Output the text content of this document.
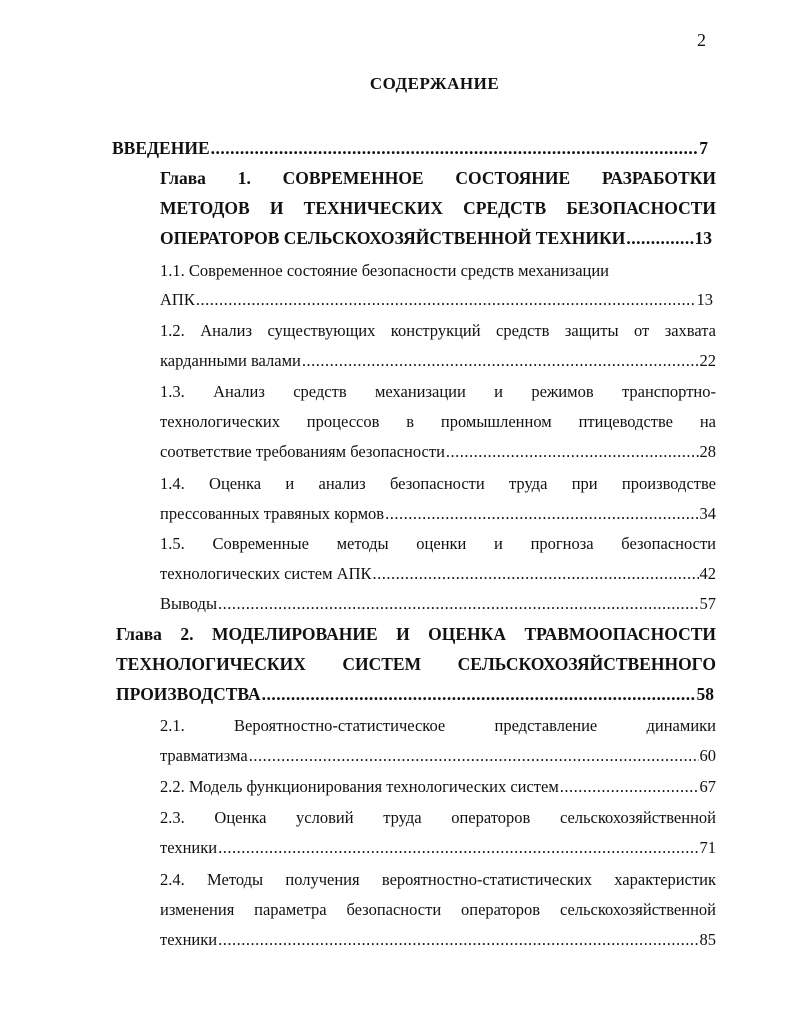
2
СОДЕРЖАНИЕ
ВВЕДЕНИЕ .....	7
Глава 1. СОВРЕМЕННОЕ СОСТОЯНИЕ РАЗРАБОТКИ
МЕТОДОВ И ТЕХНИЧЕСКИХ СРЕДСТВ БЕЗОПАСНОСТИ
ОПЕРАТОРОВ СЕЛЬСКОХОЗЯЙСТВЕННОЙ ТЕХНИКИ .....	13
1.1. Современное состояние безопасности средств механизации
АПК .....	13
1.2. Анализ существующих конструкций средств защиты от захвата
карданными валами .....	22
1.3. Анализ средств механизации и режимов транспортно-
технологических процессов в промышленном птицеводстве на
соответствие требованиям безопасности .....	28
1.4. Оценка и анализ безопасности труда при производстве
прессованных травяных кормов .....	34
1.5. Современные методы оценки и прогноза безопасности
технологических систем АПК .....	42
Выводы .....	57
Глава 2. МОДЕЛИРОВАНИЕ И ОЦЕНКА ТРАВМООПАСНОСТИ
ТЕХНОЛОГИЧЕСКИХ СИСТЕМ СЕЛЬСКОХОЗЯЙСТВЕННОГО
ПРОИЗВОДСТВА .....	58
2.1. Вероятностно-статистическое представление динамики
травматизма .....	60
2.2. Модель функционирования технологических систем .....	67
2.3. Оценка условий труда операторов сельскохозяйственной
техники .....	71
2.4. Методы получения вероятностно-статистических характеристик
изменения параметра безопасности операторов сельскохозяйственной
техники .....	85
